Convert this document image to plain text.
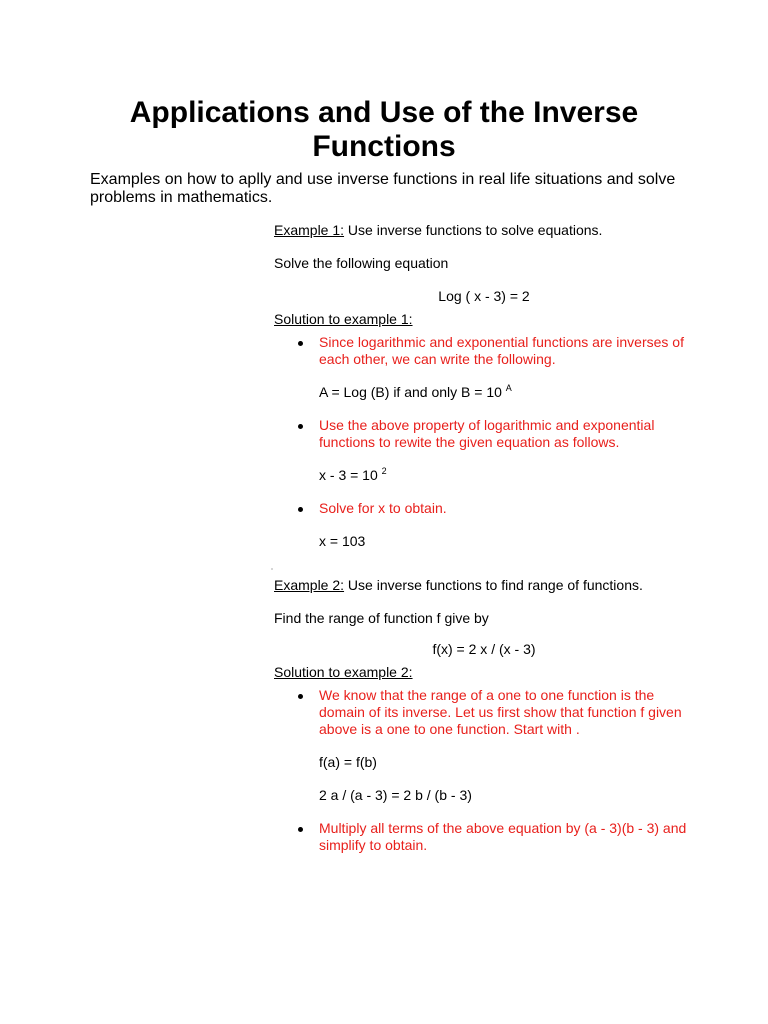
Applications and Use of the Inverse Functions

Examples on how to aplly and use inverse functions in real life situations and solve problems in mathematics.

Example 1: Use inverse functions to solve equations.

Solve the following equation

Log ( x - 3) = 2

Solution to example 1:

Since logarithmic and exponential functions are inverses of each other, we can write the following.

A = Log (B) if and only B = 10 $^A$

Use the above property of logarithmic and exponential functions to rewite the given equation as follows.

x - 3 = 10 $^2$

Solve for x to obtain.

x = 103

Example 2: Use inverse functions to find range of functions.

Find the range of function f give by

f(x) = 2 x / (x - 3)

Solution to example 2:

We know that the range of a one to one function is the domain of its inverse. Let us first show that function f given above is a one to one function. Start with .

f(a) = f(b)

2 a / (a - 3) = 2 b / (b - 3)

Multiply all terms of the above equation by (a - 3)(b - 3) and simplify to obtain.
